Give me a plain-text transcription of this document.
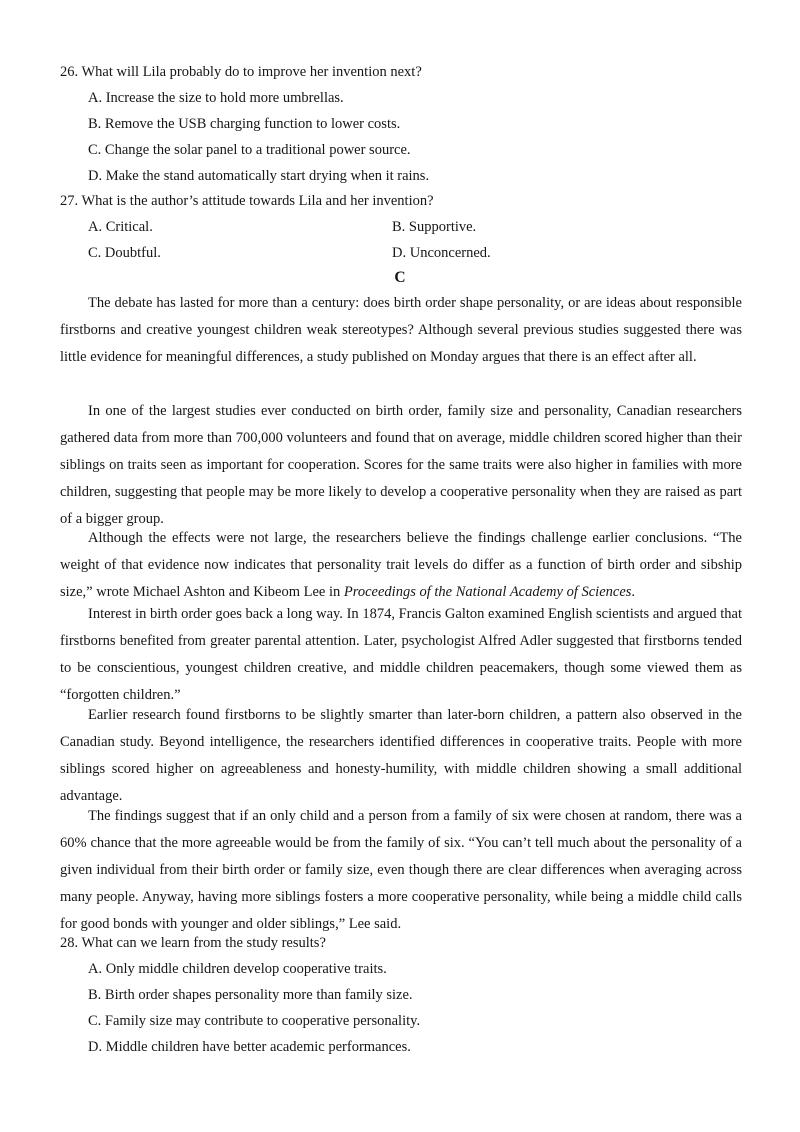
26. What will Lila probably do to improve her invention next?
A. Increase the size to hold more umbrellas.
B. Remove the USB charging function to lower costs.
C. Change the solar panel to a traditional power source.
D. Make the stand automatically start drying when it rains.
27. What is the author’s attitude towards Lila and her invention?
A. Critical.	B. Supportive.
C. Doubtful.	D. Unconcerned.
C
The debate has lasted for more than a century: does birth order shape personality, or are ideas about responsible firstborns and creative youngest children weak stereotypes? Although several previous studies suggested there was little evidence for meaningful differences, a study published on Monday argues that there is an effect after all.
In one of the largest studies ever conducted on birth order, family size and personality, Canadian researchers gathered data from more than 700,000 volunteers and found that on average, middle children scored higher than their siblings on traits seen as important for cooperation. Scores for the same traits were also higher in families with more children, suggesting that people may be more likely to develop a cooperative personality when they are raised as part of a bigger group.
Although the effects were not large, the researchers believe the findings challenge earlier conclusions. “The weight of that evidence now indicates that personality trait levels do differ as a function of birth order and sibship size,” wrote Michael Ashton and Kibeom Lee in Proceedings of the National Academy of Sciences.
Interest in birth order goes back a long way. In 1874, Francis Galton examined English scientists and argued that firstborns benefited from greater parental attention. Later, psychologist Alfred Adler suggested that firstborns tended to be conscientious, youngest children creative, and middle children peacemakers, though some viewed them as “forgotten children.”
Earlier research found firstborns to be slightly smarter than later-born children, a pattern also observed in the Canadian study. Beyond intelligence, the researchers identified differences in cooperative traits. People with more siblings scored higher on agreeableness and honesty-humility, with middle children showing a small additional advantage.
The findings suggest that if an only child and a person from a family of six were chosen at random, there was a 60% chance that the more agreeable would be from the family of six. “You can’t tell much about the personality of a given individual from their birth order or family size, even though there are clear differences when averaging across many people. Anyway, having more siblings fosters a more cooperative personality, while being a middle child calls for good bonds with younger and older siblings,” Lee said.
28. What can we learn from the study results?
A. Only middle children develop cooperative traits.
B. Birth order shapes personality more than family size.
C. Family size may contribute to cooperative personality.
D. Middle children have better academic performances.
